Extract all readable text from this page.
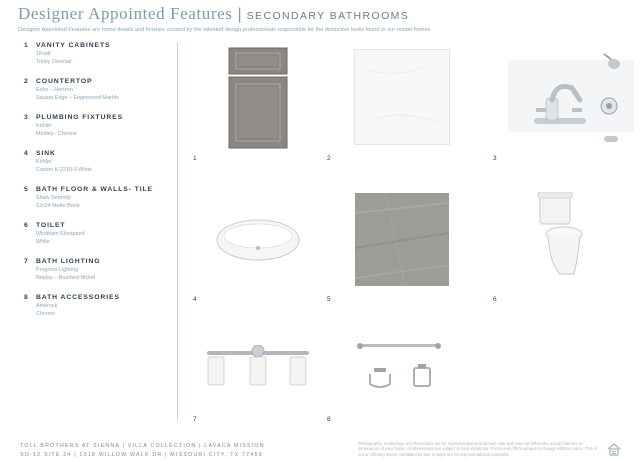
Designer Appointed Features | SECONDARY BATHROOMS
Designer Appointed Features are home details and finishes curated by the talented design professionals responsible for the distinctive looks found in our model homes.
1	VANITY CABINETS
1Kraft
Trinity Dovetail
2	COUNTERTOP
Echo – Horizon
Square Edge – Engineered Marble
3	PLUMBING FIXTURES
Kohler
Medley– Chrome
4	SINK
Kohler
Caxton K-2210-0 White
5	BATH FLOOR & WALLS- TILE
Shaw Serenity
12x24 Matte Bone
6	TOILET
Windham Elongated
White
7	BATH LIGHTING
Progress Lighting
Replay – Brushed Nickel
8	BATH ACCESSORIES
Amerock
Chrome
1	2	3
4	5	6
7	8
TOLL BROTHERS AT SIENNA | VILLA COLLECTION | LAVACA MISSION
SO-12 SITE 24 | 1318 WILLOW WALK DR | MISSOURI CITY, TX 77459
Photography, renderings, and floor plans are for representational purposes only and may not reflect the actual features or dimensions of your home. All dimensions are subject to field variations. Prices and offers subject to change without notice. This is not an offering where prohibited by law. Images are for representational purposes.
